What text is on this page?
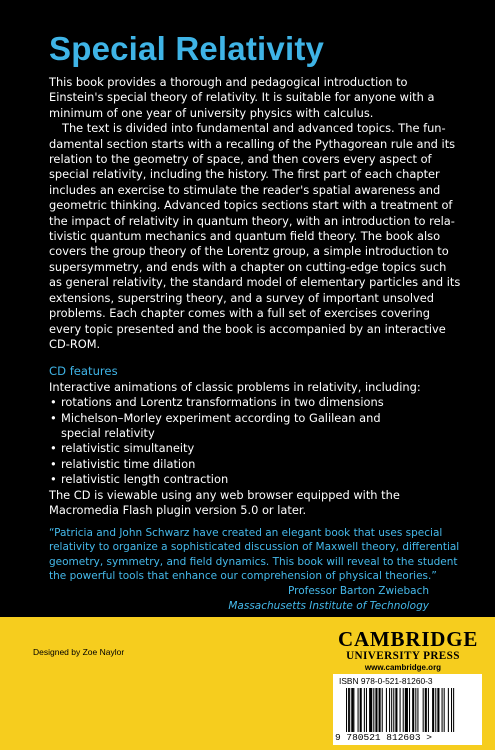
Special Relativity

This book provides a thorough and pedagogical introduction to
Einstein's special theory of relativity. It is suitable for anyone with a
minimum of one year of university physics with calculus.

The text is divided into fundamental and advanced topics. The fun-
damental section starts with a recalling of the Pythagorean rule and its
relation to the geometry of space, and then covers every aspect of
special relativity, including the history. The first part of each chapter
includes an exercise to stimulate the reader's spatial awareness and
geometric thinking. Advanced topics sections start with a treatment of
the impact of relativity in quantum theory, with an introduction to rela-
tivistic quantum mechanics and quantum field theory. The book also
covers the group theory of the Lorentz group, a simple introduction to
supersymmetry, and ends with a chapter on cutting-edge topics such
as general relativity, the standard model of elementary particles and its
extensions, superstring theory, and a survey of important unsolved
problems. Each chapter comes with a full set of exercises covering
every topic presented and the book is accompanied by an interactive
CD-ROM.

CD features
Interactive animations of classic problems in relativity, including:
• rotations and Lorentz transformations in two dimensions
• Michelson–Morley experiment according to Galilean and
special relativity
• relativistic simultaneity
• relativistic time dilation
• relativistic length contraction
The CD is viewable using any web browser equipped with the
Macromedia Flash plugin version 5.0 or later.
“Patricia and John Schwarz have created an elegant book that uses special
relativity to organize a sophisticated discussion of Maxwell theory, differential
geometry, symmetry, and field dynamics. This book will reveal to the student
the powerful tools that enhance our comprehension of physical theories.”
Professor Barton Zwiebach
Massachusetts Institute of Technology
Designed by Zoe Naylor
CAMBRIDGE
UNIVERSITY PRESS
www.cambridge.org
ISBN 978-0-521-81260-3
9 780521 812603 >
